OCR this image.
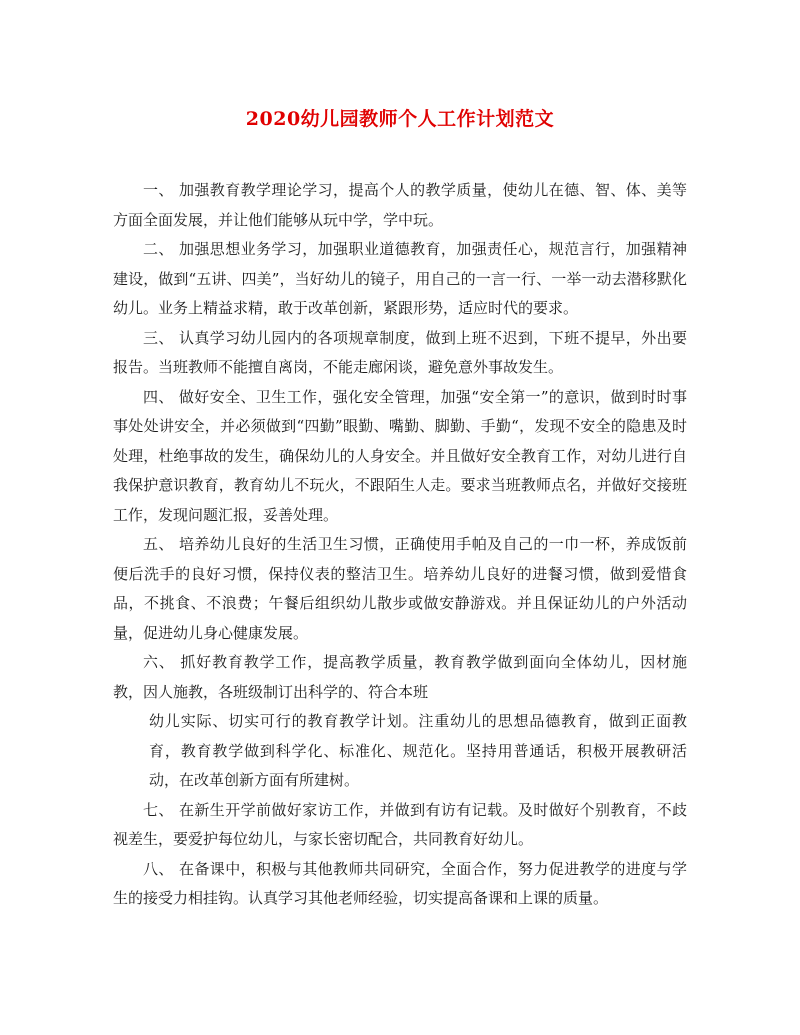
2020幼儿园教师个人工作计划范文

一、 加强教育教学理论学习，提高个人的教学质量，使幼儿在德、智、体、美等方面全面发展，并让他们能够从玩中学，学中玩。

二、 加强思想业务学习，加强职业道德教育，加强责任心，规范言行，加强精神建设，做到“五讲、四美”，当好幼儿的镜子，用自己的一言一行、一举一动去潜移默化幼儿。业务上精益求精，敢于改革创新，紧跟形势，适应时代的要求。

三、 认真学习幼儿园内的各项规章制度，做到上班不迟到，下班不提早，外出要报告。当班教师不能擅自离岗，不能走廊闲谈，避免意外事故发生。

四、 做好安全、卫生工作，强化安全管理，加强“安全第一”的意识，做到时时事事处处讲安全，并必须做到“四勤”眼勤、嘴勤、脚勤、手勤“，发现不安全的隐患及时处理，杜绝事故的发生，确保幼儿的人身安全。并且做好安全教育工作，对幼儿进行自我保护意识教育，教育幼儿不玩火，不跟陌生人走。要求当班教师点名，并做好交接班工作，发现问题汇报，妥善处理。

五、 培养幼儿良好的生活卫生习惯，正确使用手帕及自己的一巾一杯，养成饭前便后洗手的良好习惯，保持仪表的整洁卫生。培养幼儿良好的进餐习惯，做到爱惜食品，不挑食、不浪费；午餐后组织幼儿散步或做安静游戏。并且保证幼儿的户外活动量，促进幼儿身心健康发展。

六、 抓好教育教学工作，提高教学质量，教育教学做到面向全体幼儿，因材施教，因人施教，各班级制订出科学的、符合本班

幼儿实际、切实可行的教育教学计划。注重幼儿的思想品德教育，做到正面教育，教育教学做到科学化、标准化、规范化。坚持用普通话，积极开展教研活动，在改革创新方面有所建树。

七、 在新生开学前做好家访工作，并做到有访有记载。及时做好个别教育，不歧视差生，要爱护每位幼儿，与家长密切配合，共同教育好幼儿。

八、 在备课中，积极与其他教师共同研究，全面合作，努力促进教学的进度与学生的接受力相挂钩。认真学习其他老师经验，切实提高备课和上课的质量。
